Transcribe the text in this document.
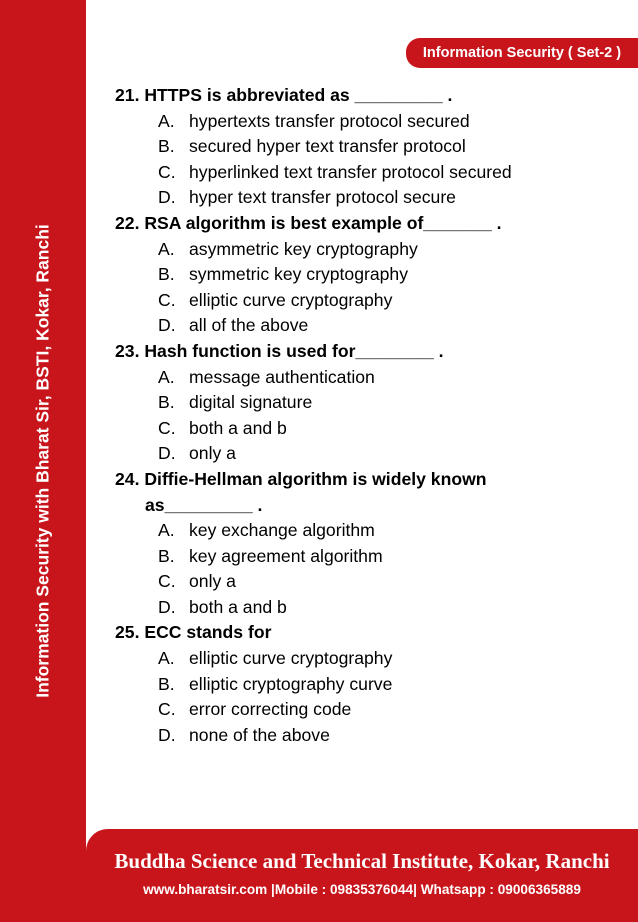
Information Security with Bharat Sir, BSTI, Kokar, Ranchi
Information Security ( Set-2 )
21. HTTPS is abbreviated as _________ .
A. hypertexts transfer protocol secured
B. secured hyper text transfer protocol
C. hyperlinked text transfer protocol secured
D. hyper text transfer protocol secure
22. RSA algorithm is best example of_______ .
A. asymmetric key cryptography
B. symmetric key cryptography
C. elliptic curve cryptography
D. all of the above
23. Hash function is used for________ .
A. message authentication
B. digital signature
C. both a and b
D. only a
24. Diffie-Hellman algorithm is widely known
as_________ .
A. key exchange algorithm
B. key agreement algorithm
C. only a
D. both a and b
25. ECC stands for
A. elliptic curve cryptography
B. elliptic cryptography curve
C. error correcting code
D. none of the above
Buddha Science and Technical Institute, Kokar, Ranchi
www.bharatsir.com |Mobile : 09835376044| Whatsapp : 09006365889
